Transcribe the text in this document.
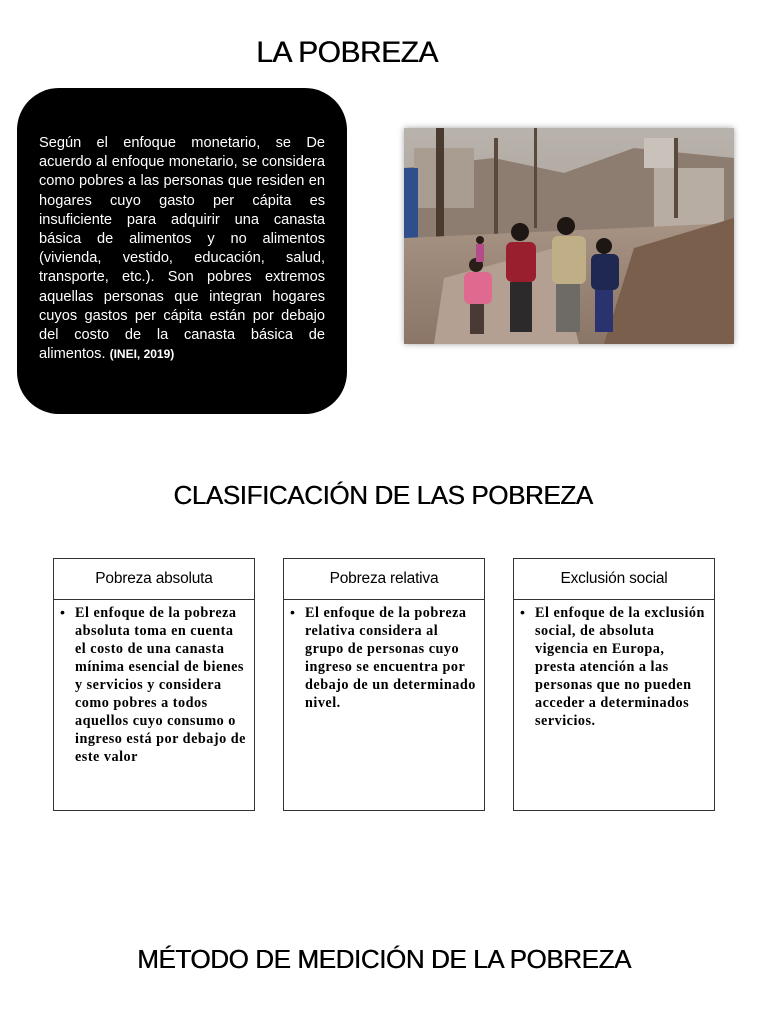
LA POBREZA

Según el enfoque monetario, se De acuerdo al enfoque monetario, se considera como pobres a las personas que residen en hogares cuyo gasto per cápita es insuficiente para adquirir una canasta básica de alimentos y no alimentos (vivienda, vestido, educación, salud, transporte, etc.). Son pobres extremos aquellas personas que integran hogares cuyos gastos per cápita están por debajo del costo de la canasta básica de alimentos. (INEI, 2019)

CLASIFICACIÓN DE LAS POBREZA
Pobreza absoluta
• El enfoque de la pobreza absoluta toma en cuenta el costo de una canasta mínima esencial de bienes y servicios y considera como pobres a todos aquellos cuyo consumo o ingreso está por debajo de este valor
Pobreza relativa
• El enfoque de la pobreza relativa considera al grupo de personas cuyo ingreso se encuentra por debajo de un determinado nivel.
Exclusión social
• El enfoque de la exclusión social, de absoluta vigencia en Europa, presta atención a las personas que no pueden acceder a determinados servicios.
MÉTODO DE MEDICIÓN DE LA POBREZA
